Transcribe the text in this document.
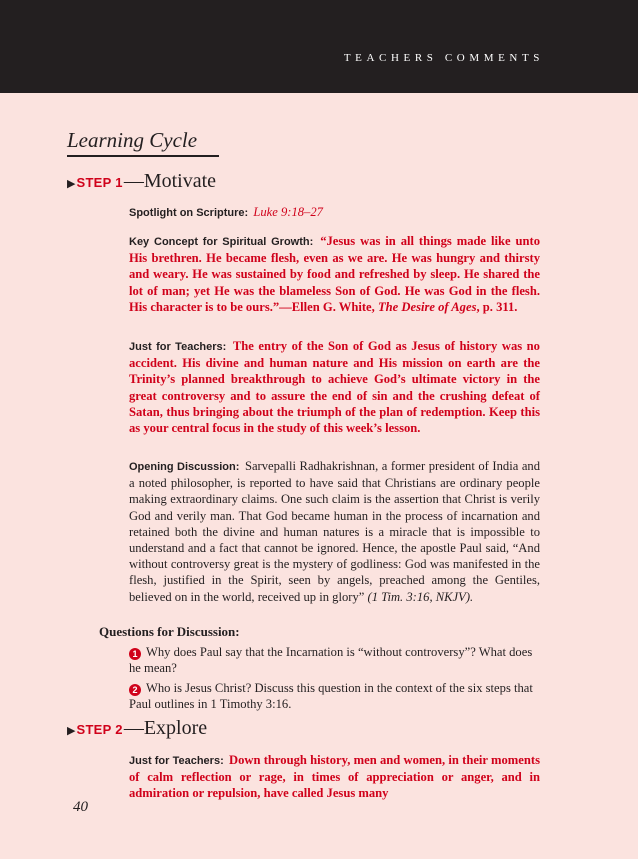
TEACHERS COMMENTS
Learning Cycle
▶ STEP 1 —Motivate
Spotlight on Scripture: Luke 9:18–27
Key Concept for Spiritual Growth: “Jesus was in all things made like unto His brethren. He became flesh, even as we are. He was hungry and thirsty and weary. He was sustained by food and refreshed by sleep. He shared the lot of man; yet He was the blameless Son of God. He was God in the flesh. His character is to be ours.”—Ellen G. White, The Desire of Ages, p. 311.
Just for Teachers: The entry of the Son of God as Jesus of history was no accident. His divine and human nature and His mission on earth are the Trinity’s planned breakthrough to achieve God’s ultimate victory in the great controversy and to assure the end of sin and the crushing defeat of Satan, thus bringing about the triumph of the plan of redemption. Keep this as your central focus in the study of this week’s lesson.
Opening Discussion: Sarvepalli Radhakrishnan, a former president of India and a noted philosopher, is reported to have said that Christians are ordinary people making extraordinary claims. One such claim is the assertion that Christ is verily God and verily man. That God became human in the process of incarnation and retained both the divine and human natures is a miracle that is impossible to understand and a fact that cannot be ignored. Hence, the apostle Paul said, “And without controversy great is the mystery of godliness: God was manifested in the flesh, justified in the Spirit, seen by angels, preached among the Gentiles, believed on in the world, received up in glory” (1 Tim. 3:16, NKJV).
Questions for Discussion:
1 Why does Paul say that the Incarnation is “without controversy”? What does he mean?
2 Who is Jesus Christ? Discuss this question in the context of the six steps that Paul outlines in 1 Timothy 3:16.
▶ STEP 2 —Explore
Just for Teachers: Down through history, men and women, in their moments of calm reflection or rage, in times of appreciation or anger, and in admiration or repulsion, have called Jesus many
40
